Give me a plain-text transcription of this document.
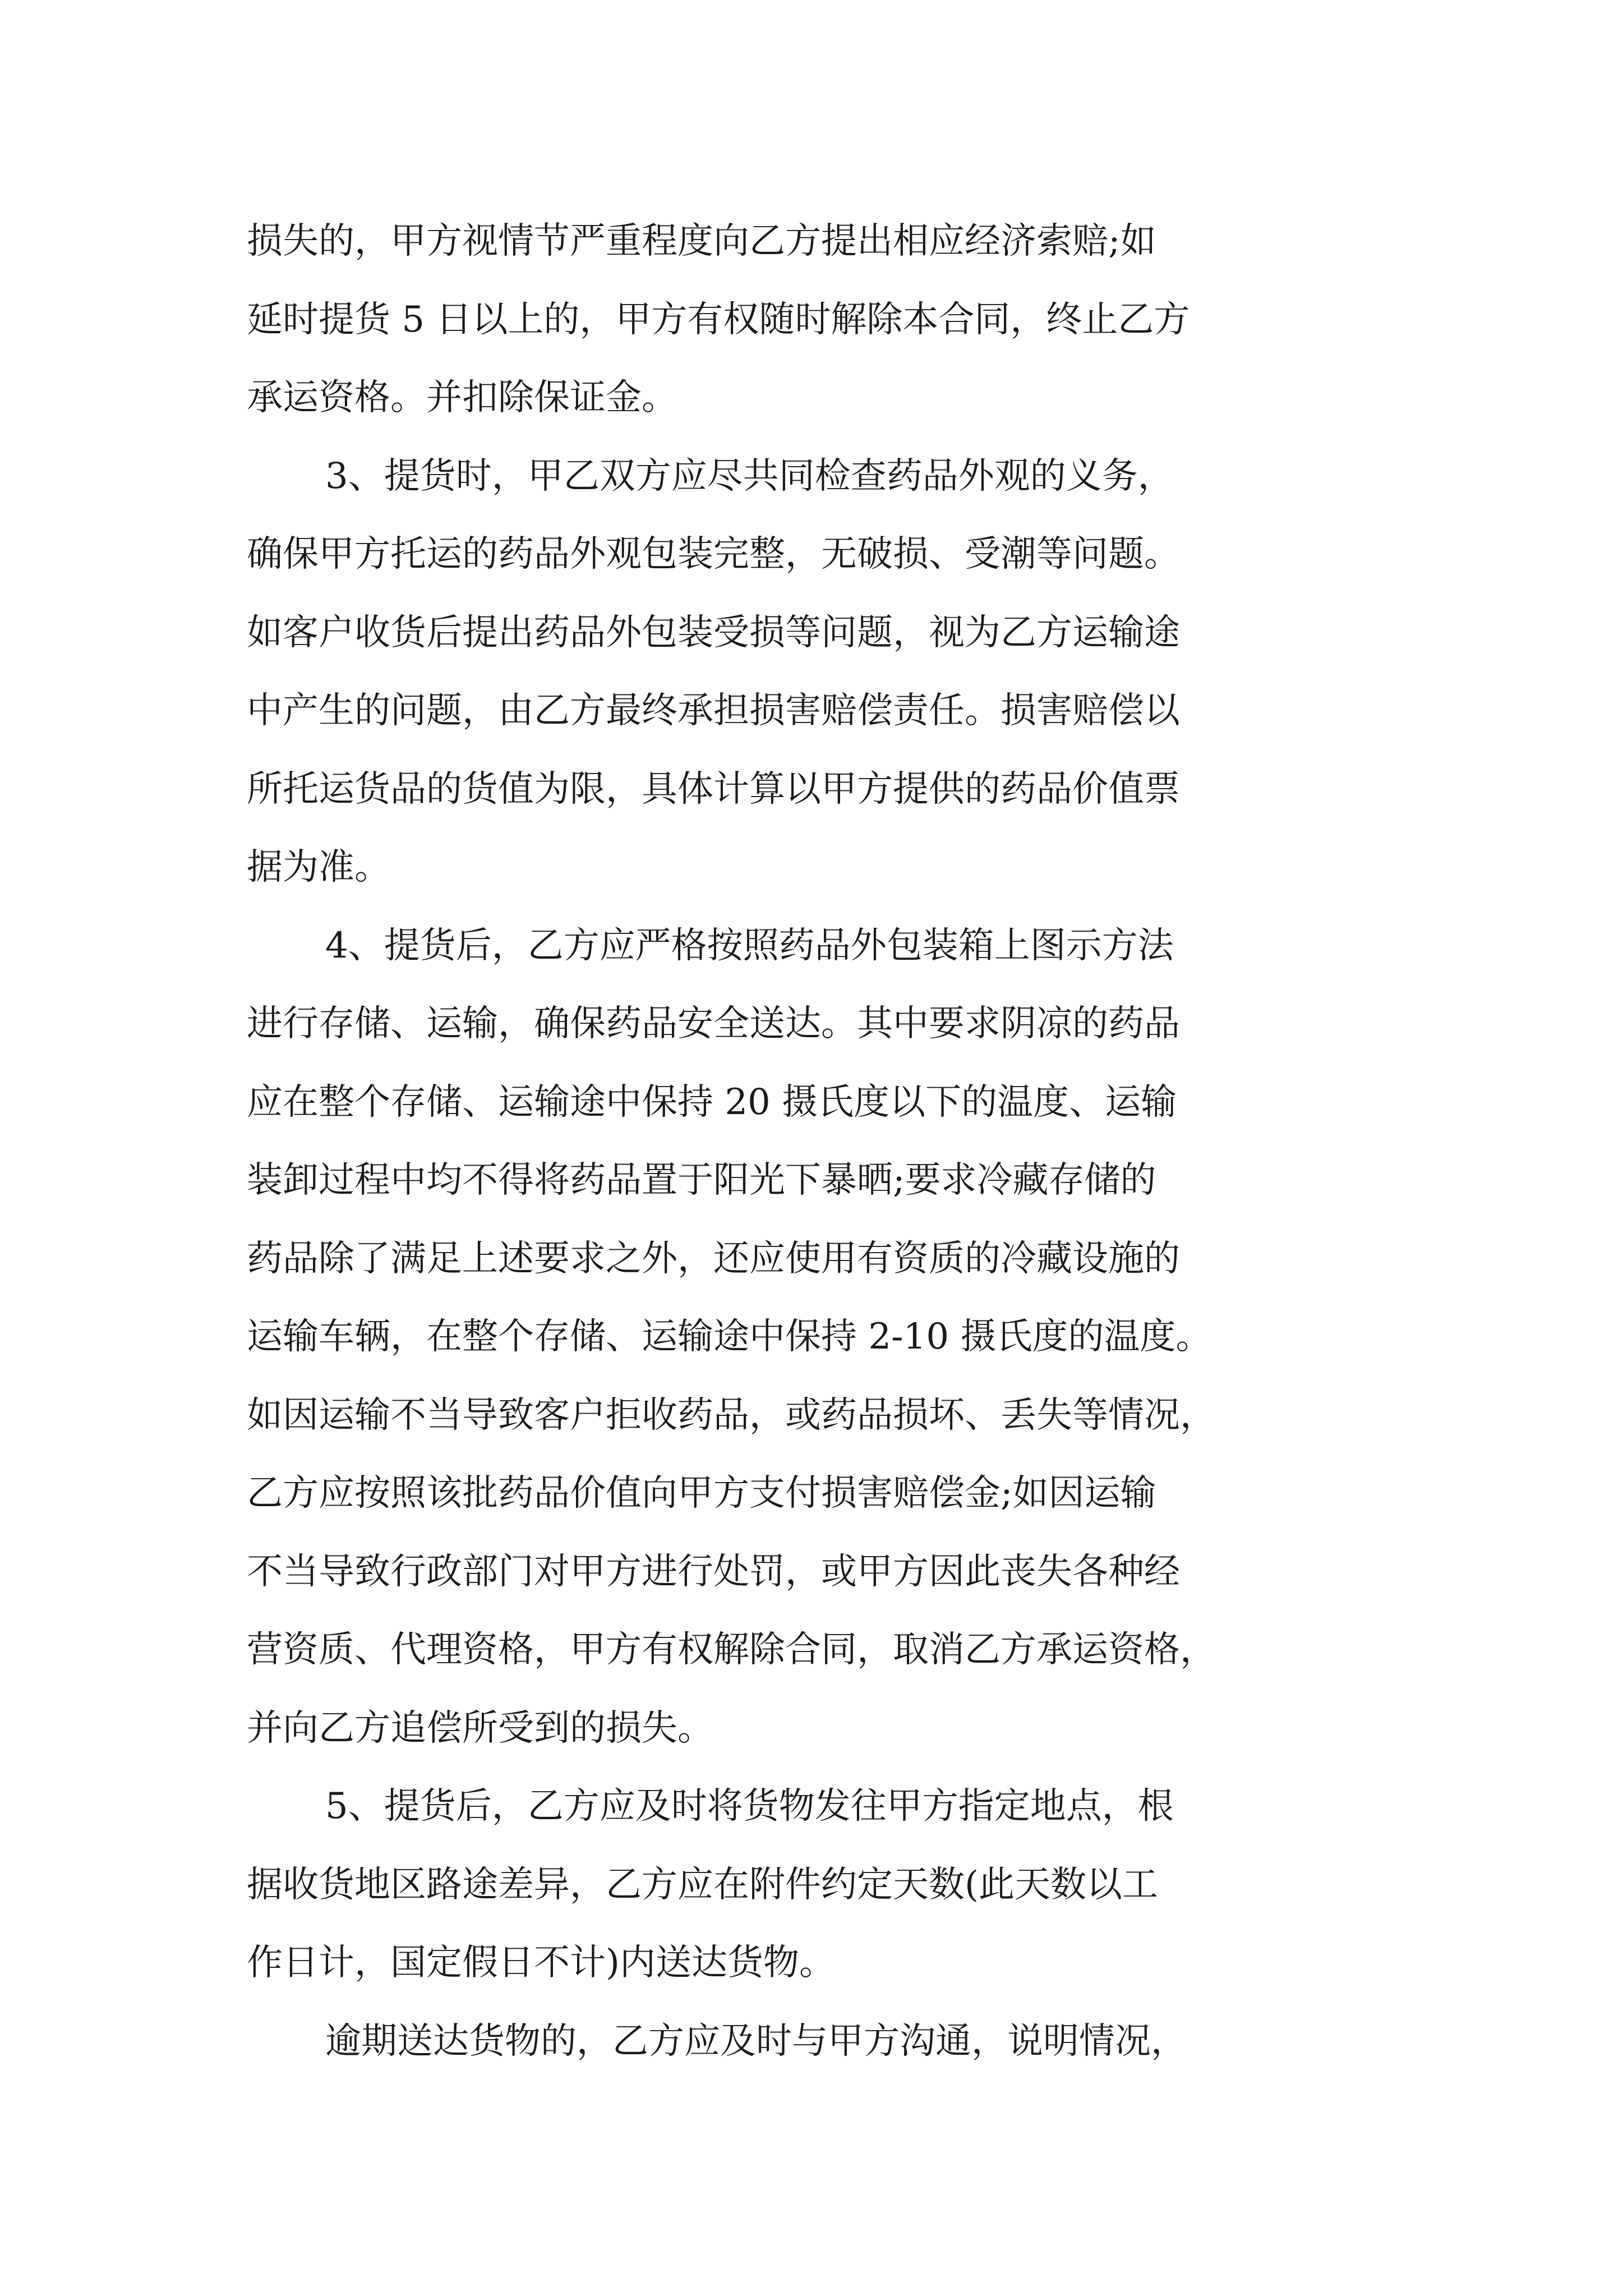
损失的，甲方视情节严重程度向乙方提出相应经济索赔;如
延时提货 5 日以上的，甲方有权随时解除本合同，终止乙方
承运资格。并扣除保证金。
3、提货时，甲乙双方应尽共同检查药品外观的义务，
确保甲方托运的药品外观包装完整，无破损、受潮等问题。
如客户收货后提出药品外包装受损等问题，视为乙方运输途
中产生的问题，由乙方最终承担损害赔偿责任。损害赔偿以
所托运货品的货值为限，具体计算以甲方提供的药品价值票
据为准。
4、提货后，乙方应严格按照药品外包装箱上图示方法
进行存储、运输，确保药品安全送达。其中要求阴凉的药品
应在整个存储、运输途中保持 20 摄氏度以下的温度、运输
装卸过程中均不得将药品置于阳光下暴晒;要求冷藏存储的
药品除了满足上述要求之外，还应使用有资质的冷藏设施的
运输车辆，在整个存储、运输途中保持 2-10 摄氏度的温度。
如因运输不当导致客户拒收药品，或药品损坏、丢失等情况，
乙方应按照该批药品价值向甲方支付损害赔偿金;如因运输
不当导致行政部门对甲方进行处罚，或甲方因此丧失各种经
营资质、代理资格，甲方有权解除合同，取消乙方承运资格，
并向乙方追偿所受到的损失。
5、提货后，乙方应及时将货物发往甲方指定地点，根
据收货地区路途差异，乙方应在附件约定天数(此天数以工
作日计，国定假日不计)内送达货物。
逾期送达货物的，乙方应及时与甲方沟通，说明情况，
